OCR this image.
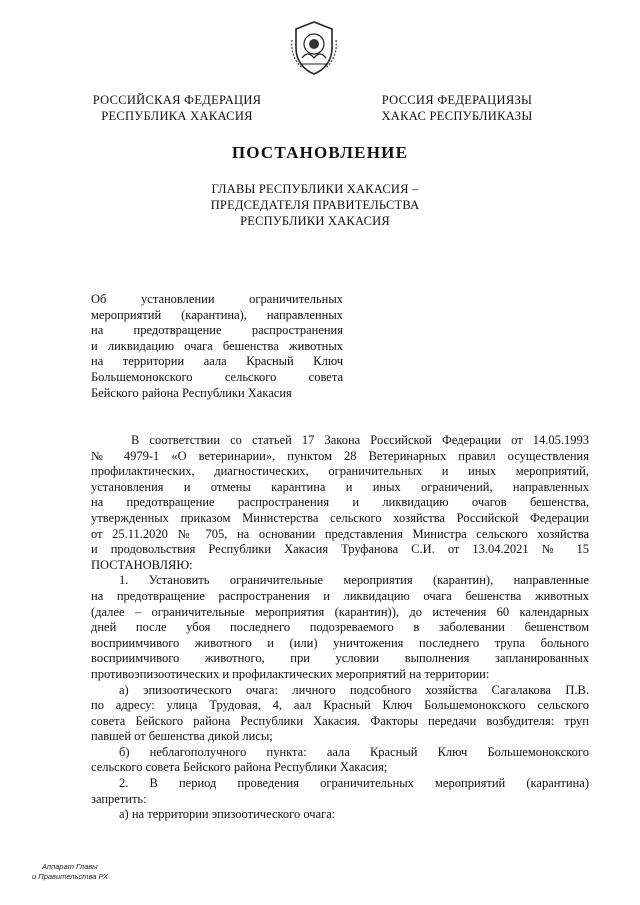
РОССИЙСКАЯ ФЕДЕРАЦИЯ
РЕСПУБЛИКА ХАКАСИЯ
РОССИЯ ФЕДЕРАЦИЯЗЫ
ХАКАС РЕСПУБЛИКАЗЫ
ПОСТАНОВЛЕНИЕ
ГЛАВЫ РЕСПУБЛИКИ ХАКАСИЯ –
ПРЕДСЕДАТЕЛЯ ПРАВИТЕЛЬСТВА
РЕСПУБЛИКИ ХАКАСИЯ
Об установлении ограничительных
мероприятий (карантина), направленных
на предотвращение распространения
и ликвидацию очага бешенства животных
на территории аала Красный Ключ
Большемонокского сельского совета
Бейского района Республики Хакасия
В соответствии со статьей 17 Закона Российской Федерации от 14.05.1993
№ 4979-1 «О ветеринарии», пунктом 28 Ветеринарных правил осуществления
профилактических, диагностических, ограничительных и иных мероприятий,
установления и отмены карантина и иных ограничений, направленных
на предотвращение распространения и ликвидацию очагов бешенства,
утвержденных приказом Министерства сельского хозяйства Российской Федерации
от 25.11.2020 № 705, на основании представления Министра сельского хозяйства
и продовольствия Республики Хакасия Труфанова С.И. от 13.04.2021 № 15
ПОСТАНОВЛЯЮ:
1. Установить ограничительные мероприятия (карантин), направленные
на предотвращение распространения и ликвидацию очага бешенства животных
(далее – ограничительные мероприятия (карантин)), до истечения 60 календарных
дней после убоя последнего подозреваемого в заболевании бешенством
восприимчивого животного и (или) уничтожения последнего трупа больного
восприимчивого животного, при условии выполнения запланированных
противоэпизоотических и профилактических мероприятий на территории:
а) эпизоотического очага: личного подсобного хозяйства Сагалакова П.В.
по адресу: улица Трудовая, 4, аал Красный Ключ Большемонокского сельского
совета Бейского района Республики Хакасия. Факторы передачи возбудителя: труп
павшей от бешенства дикой лисы;
б) неблагополучного пункта: аала Красный Ключ Большемонокского
сельского совета Бейского района Республики Хакасия;
2. В период проведения ограничительных мероприятий (карантина)
запретить:
а) на территории эпизоотического очага:
Аппарат Главы
и Правительства РХ
